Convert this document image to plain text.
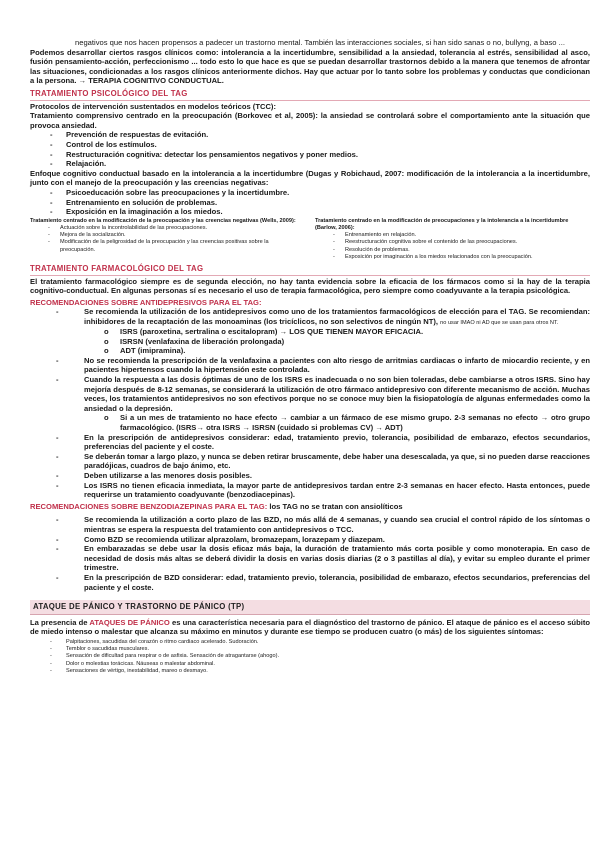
negativos que nos hacen propensos a padecer un trastorno mental. También las interacciones sociales, si han sido sanas o no, bullyng, a baso ...

Podemos desarrollar ciertos rasgos clínicos como: intolerancia a la incertidumbre, sensibilidad a la ansiedad, tolerancia al estrés, sensibilidad al asco, fusión pensamiento-acción, perfeccionismo ... todo esto lo que hace es que se puedan desarrollar trastornos debido a la manera que tenemos de afrontar las situaciones, condicionadas a los rasgos clínicos anteriormente dichos. Hay que actuar por lo tanto sobre los problemas y conductas que condicionan a la persona. → TERAPIA COGNITIVO CONDUCTUAL.

TRATAMIENTO PSICOLÓGICO DEL TAG

Protocolos de intervención sustentados en modelos teóricos (TCC):

Tratamiento comprensivo centrado en la preocupación (Borkovec et al, 2005): la ansiedad se controlará sobre el comportamiento ante la situación que provoca ansiedad.

- Prevención de respuestas de evitación.
- Control de los estímulos.
- Restructuración cognitiva: detectar los pensamientos negativos y poner medios.
- Relajación.

Enfoque cognitivo conductual basado en la intolerancia a la incertidumbre (Dugas y Robichaud, 2007: modificación de la intolerancia a la incertidumbre, junto con el manejo de la preocupación y las creencias negativas:

- Psicoeducación sobre las preocupaciones y la incertidumbre.
- Entrenamiento en solución de problemas.
- Exposición en la imaginación a los miedos.

Tratamiento centrado en la modificación de la preocupación y las creencias negativas (Wells, 2009):

- Actuación sobre la incontrolabilidad de las preocupaciones.
- Mejora de la socialización.
- Modificación de la peligrosidad de la preocupación y las creencias positivas sobre la preocupación.

Tratamiento centrado en la modificación de preocupaciones y la intolerancia a la incertidumbre (Barlow, 2006):

- Entrenamiento en relajación.
- Reestructuración cognitiva sobre el contenido de las preocupaciones.
- Resolución de problemas.
- Exposición por imaginación a los miedos relacionados con la preocupación.
TRATAMIENTO FARMACOLÓGICO DEL TAG

El tratamiento farmacológico siempre es de segunda elección, no hay tanta evidencia sobre la eficacia de los fármacos como si la hay de la terapia cognitivo-conductual. En algunas personas sí es necesario el uso de terapia farmacológica, pero siempre como coadyuvante a la terapia psicológica.

RECOMENDACIONES SOBRE ANTIDEPRESIVOS PARA EL TAG:

- Se recomienda la utilización de los antidepresivos como uno de los tratamientos farmacológicos de elección para el TAG. Se recomiendan: inhibidores de la recaptación de las monoaminas (los tricíclicos, no son selectivos de ningún NT), no usar IMAO ni AD que se usan para otros NT.
o ISRS (paroxetina, sertralina o escitalopram) → LOS QUE TIENEN MAYOR EFICACIA.
o ISRSN (venlafaxina de liberación prolongada)
o ADT (imipramina).
- No se recomienda la prescripción de la venlafaxina a pacientes con alto riesgo de arritmias cardiacas o infarto de miocardio reciente, y en pacientes hipertensos cuando la hipertensión este controlada.
- Cuando la respuesta a las dosis óptimas de uno de los ISRS es inadecuada o no son bien toleradas, debe cambiarse a otros ISRS. Sino hay mejoría después de 8-12 semanas, se considerará la utilización de otro fármaco antidepresivo con diferente mecanismo de acción. Muchas veces, los tratamientos antidepresivos no son efectivos porque no se conoce muy bien la fisiopatología de algunas enfermedades como la ansiedad o la depresión.
o Si a un mes de tratamiento no hace efecto → cambiar a un fármaco de ese mismo grupo. 2-3 semanas no efecto → otro grupo farmacológico. (ISRS→ otra ISRS → ISRSN (cuidado si problemas CV) → ADT)
- En la prescripción de antidepresivos considerar: edad, tratamiento previo, tolerancia, posibilidad de embarazo, efectos secundarios, preferencias del paciente y el coste.
- Se deberán tomar a largo plazo, y nunca se deben retirar bruscamente, debe haber una desescalada, ya que, si no pueden darse reacciones paradójicas, cuadros de bajo ánimo, etc.
- Deben utilizarse a las menores dosis posibles.
- Los ISRS no tienen eficacia inmediata, la mayor parte de antidepresivos tardan entre 2-3 semanas en hacer efecto. Hasta entonces, puede requerirse un tratamiento coadyuvante (benzodiacepinas).

RECOMENDACIONES SOBRE BENZODIAZEPINAS PARA EL TAG: los TAG no se tratan con ansiolíticos

- Se recomienda la utilización a corto plazo de las BZD, no más allá de 4 semanas, y cuando sea crucial el control rápido de los síntomas o mientras se espera la respuesta del tratamiento con antidepresivos o TCC.
- Como BZD se recomienda utilizar alprazolam, bromazepam, lorazepam y diazepam.
- En embarazadas se debe usar la dosis eficaz más baja, la duración de tratamiento más corta posible y como monoterapia. En caso de necesidad de dosis más altas se deberá dividir la dosis en varias dosis diarias (2 o 3 pastillas al día), y evitar su empleo durante el primer trimestre.
- En la prescripción de BZD considerar: edad, tratamiento previo, tolerancia, posibilidad de embarazo, efectos secundarios, preferencias del paciente y el coste.
ATAQUE DE PÁNICO Y TRASTORNO DE PÁNICO (TP)

La presencia de ATAQUES DE PÁNICO es una característica necesaria para el diagnóstico del trastorno de pánico. El ataque de pánico es el acceso súbito de miedo intenso o malestar que alcanza su máximo en minutos y durante ese tiempo se producen cuatro (o más) de los siguientes síntomas:

- Palpitaciones, sacudidas del corazón o ritmo cardiaco acelerado. Sudoración.
- Temblor o sacudidas musculares.
- Sensación de dificultad para respirar o de asfixia. Sensación de atragantarse (ahogo).
- Dolor o molestias torácicas. Náuseas o malestar abdominal.
- Sensaciones de vértigo, inestabilidad, mareo o desmayo.
